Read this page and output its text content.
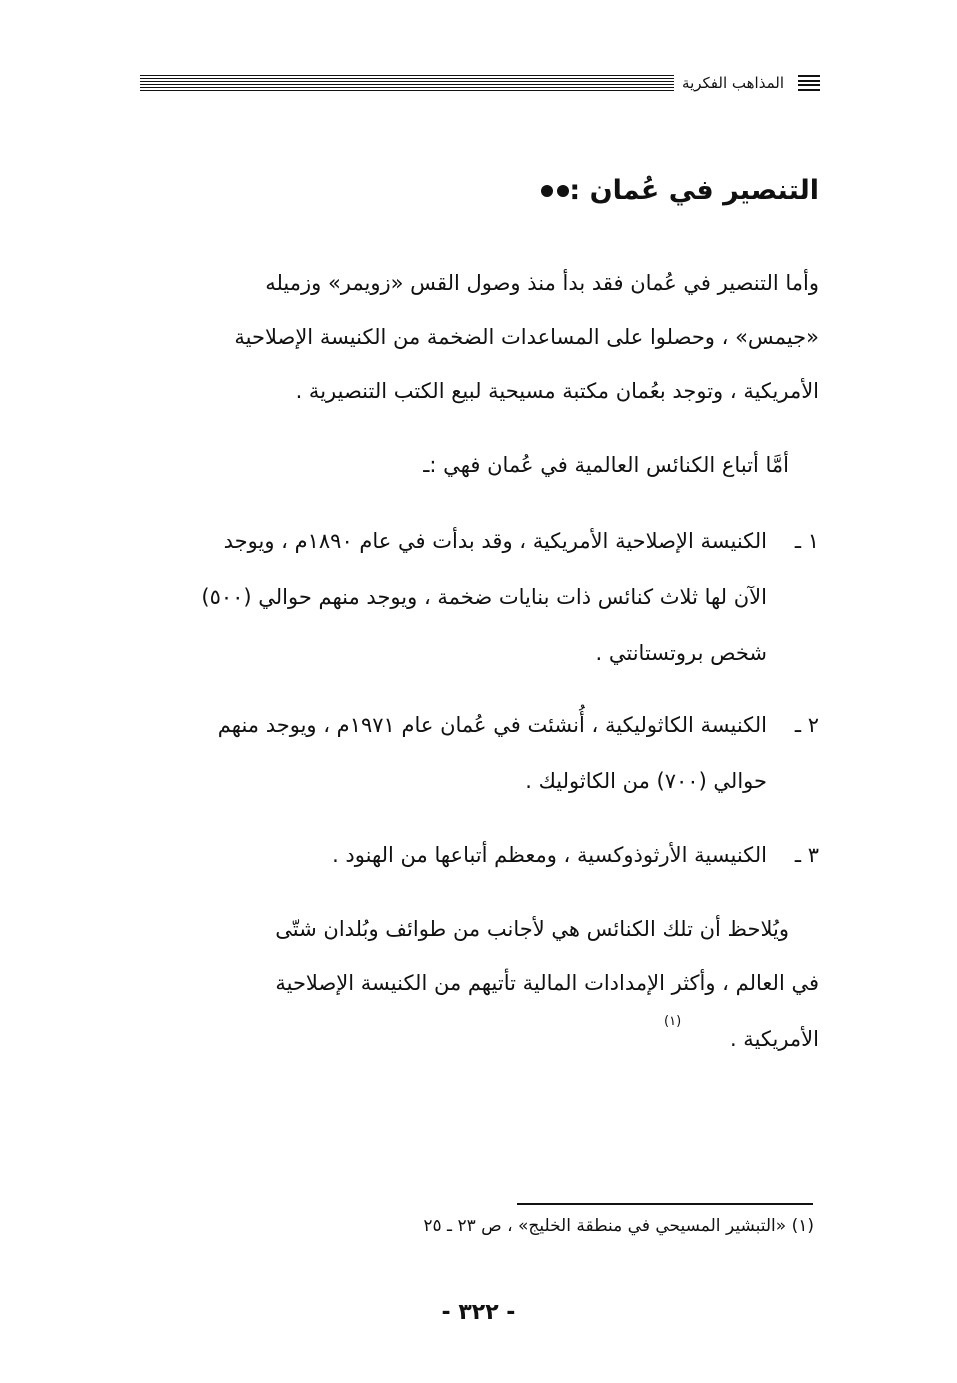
المذاهب الفكرية
التنصير في عُمان :
وأما التنصير في عُمان فقد بدأ منذ وصول القس «زويمر» وزميله
«جيمس» ، وحصلوا على المساعدات الضخمة من الكنيسة الإصلاحية
الأمريكية ، وتوجد بعُمان مكتبة مسيحية لبيع الكتب التنصيرية .
أمَّا أتباع الكنائس العالمية في عُمان فهي :ـ
١ ـ
الكنيسة الإصلاحية الأمريكية ، وقد بدأت في عام ١٨٩٠م ، ويوجد
الآن لها ثلاث كنائس ذات بنايات ضخمة ، ويوجد منهم حوالي (٥٠٠)
شخص بروتستانتي .
٢ ـ
الكنيسة الكاثوليكية ، أُنشئت في عُمان عام ١٩٧١م ، ويوجد منهم
حوالي (٧٠٠) من الكاثوليك .
٣ ـ
الكنيسية الأرثوذوكسية ، ومعظم أتباعها من الهنود .
ويُلاحظ أن تلك الكنائس هي لأجانب من طوائف وبُلدان شتّى
في العالم ، وأكثر الإمدادات المالية تأتيهم من الكنيسة الإصلاحية
الأمريكية .
(١)
(١) «التبشير المسيحي في منطقة الخليج» ، ص ٢٣ ـ ٢٥
- ٣٢٢ -
